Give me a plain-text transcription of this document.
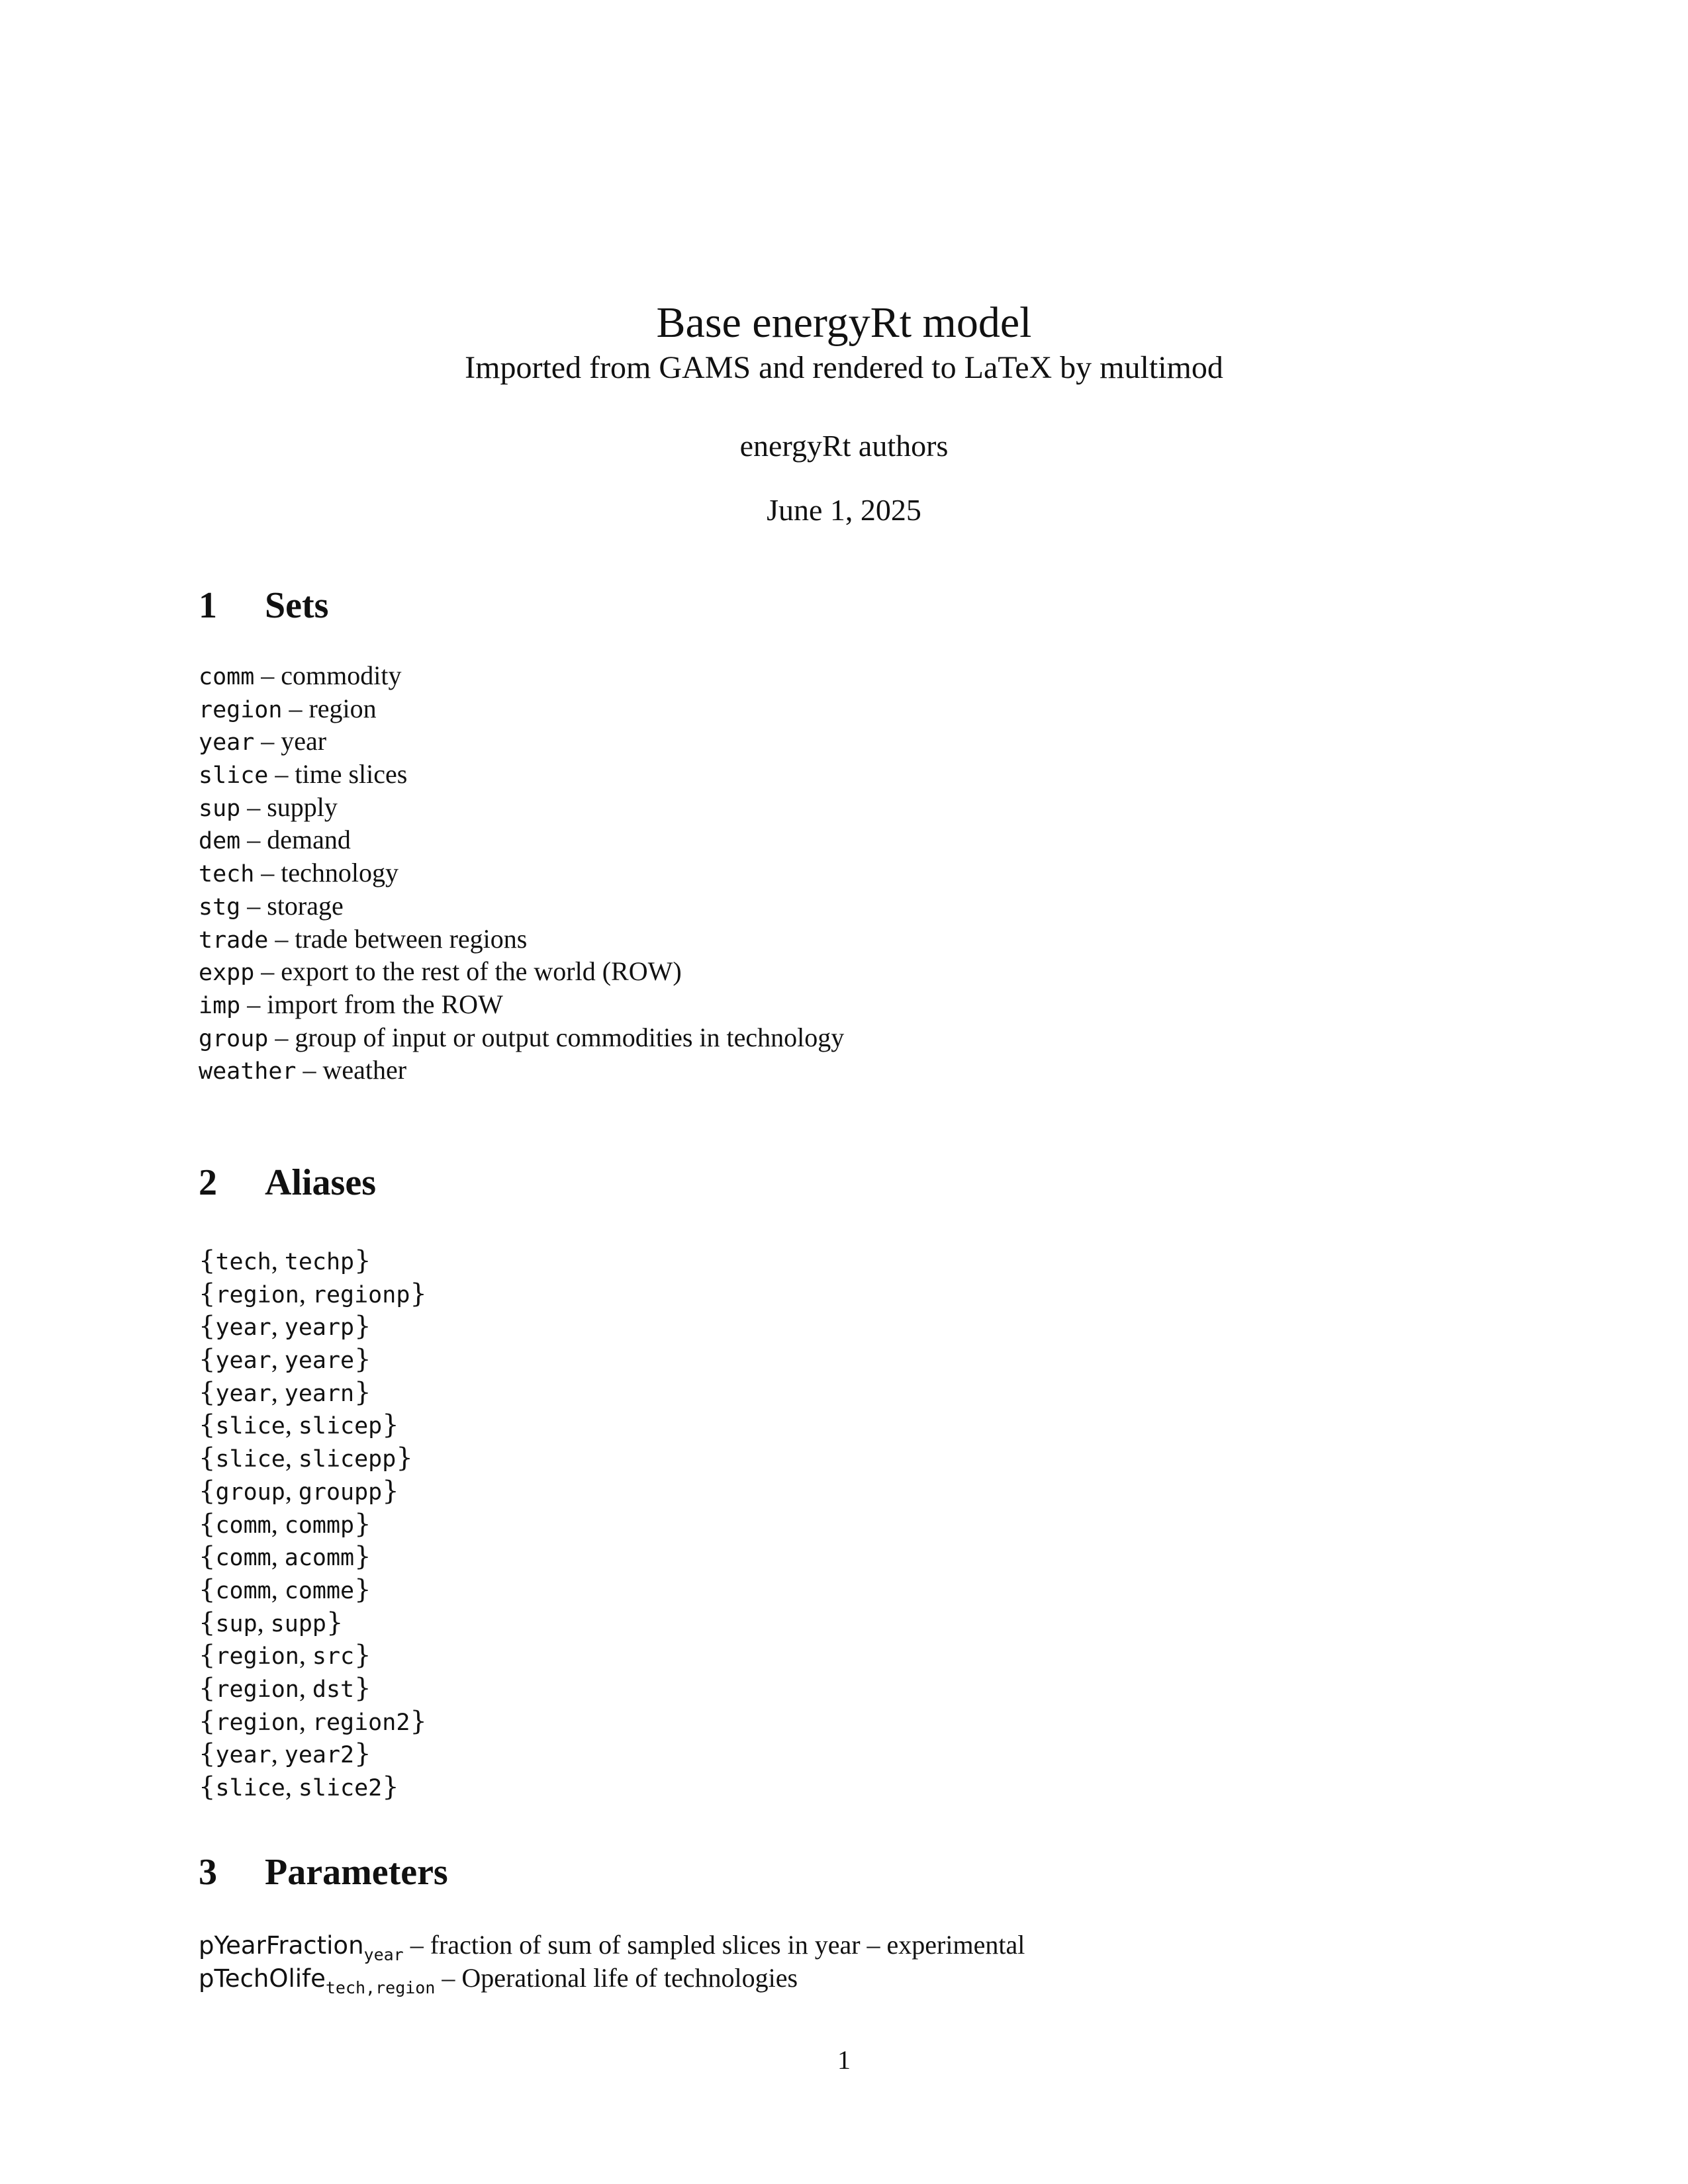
Base energyRt model
Imported from GAMS and rendered to LaTeX by multimod
energyRt authors
June 1, 2025
1 Sets
comm – commodity
region – region
year – year
slice – time slices
sup – supply
dem – demand
tech – technology
stg – storage
trade – trade between regions
expp – export to the rest of the world (ROW)
imp – import from the ROW
group – group of input or output commodities in technology
weather – weather
2 Aliases
{tech, techp}
{region, regionp}
{year, yearp}
{year, yeare}
{year, yearn}
{slice, slicep}
{slice, slicepp}
{group, groupp}
{comm, commp}
{comm, acomm}
{comm, comme}
{sup, supp}
{region, src}
{region, dst}
{region, region2}
{year, year2}
{slice, slice2}
3 Parameters
pYearFraction$_{year}$ – fraction of sum of sampled slices in year – experimental
pTechOlife$_{tech,region}$ – Operational life of technologies
1
